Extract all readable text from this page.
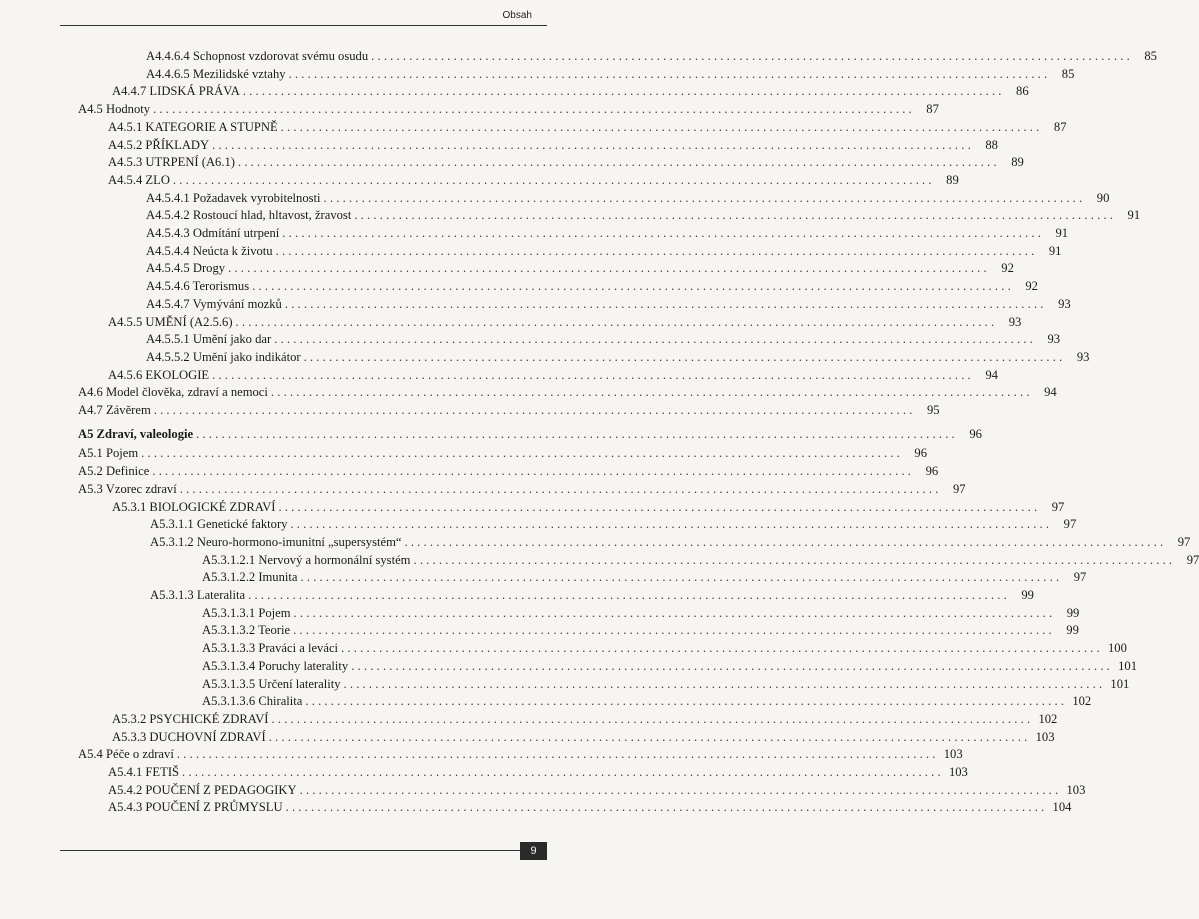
Obsah
A4.4.6.4 Schopnost vzdorovat svému osudu ........................................................................................................................ 85
A4.4.6.5 Mezilidské vztahy ........................................................................................................................ 85
A4.4.7 LIDSKÁ PRÁVA ........................................................................................................................ 86
A4.5 Hodnoty ........................................................................................................................ 87
A4.5.1 KATEGORIE A STUPNĚ ........................................................................................................................ 87
A4.5.2 PŘÍKLADY ........................................................................................................................ 88
A4.5.3 UTRPENÍ (A6.1) ........................................................................................................................ 89
A4.5.4 ZLO ........................................................................................................................ 89
A4.5.4.1 Požadavek vyrobitelnosti ........................................................................................................................ 90
A4.5.4.2 Rostoucí hlad, hltavost, žravost ........................................................................................................................ 91
A4.5.4.3 Odmítání utrpení ........................................................................................................................ 91
A4.5.4.4 Neúcta k životu ........................................................................................................................ 91
A4.5.4.5 Drogy ........................................................................................................................ 92
A4.5.4.6 Terorismus ........................................................................................................................ 92
A4.5.4.7 Vymývání mozků ........................................................................................................................ 93
A4.5.5 UMĚNÍ (A2.5.6) ........................................................................................................................ 93
A4.5.5.1 Umění jako dar ........................................................................................................................ 93
A4.5.5.2 Umění jako indikátor ........................................................................................................................ 93
A4.5.6 EKOLOGIE ........................................................................................................................ 94
A4.6 Model člověka, zdraví a nemoci ........................................................................................................................ 94
A4.7 Závěrem ........................................................................................................................ 95
A5 Zdraví, valeologie ........................................................................................................................ 96
A5.1 Pojem ........................................................................................................................ 96
A5.2 Definice ........................................................................................................................ 96
A5.3 Vzorec zdraví ........................................................................................................................ 97
A5.3.1 BIOLOGICKÉ ZDRAVÍ ........................................................................................................................ 97
A5.3.1.1 Genetické faktory ........................................................................................................................ 97
A5.3.1.2 Neuro-hormono-imunitní „supersystém“ ........................................................................................................................ 97
A5.3.1.2.1 Nervový a hormonální systém ........................................................................................................................ 97
A5.3.1.2.2 Imunita ........................................................................................................................ 97
A5.3.1.3 Lateralita ........................................................................................................................ 99
A5.3.1.3.1 Pojem ........................................................................................................................ 99
A5.3.1.3.2 Teorie ........................................................................................................................ 99
A5.3.1.3.3 Praváci a leváci ........................................................................................................................ 100
A5.3.1.3.4 Poruchy laterality ........................................................................................................................ 101
A5.3.1.3.5 Určení laterality ........................................................................................................................ 101
A5.3.1.3.6 Chiralita ........................................................................................................................ 102
A5.3.2 PSYCHICKÉ ZDRAVÍ ........................................................................................................................ 102
A5.3.3 DUCHOVNÍ ZDRAVÍ ........................................................................................................................ 103
A5.4 Péče o zdraví ........................................................................................................................ 103
A5.4.1 FETIŠ ........................................................................................................................ 103
A5.4.2 POUČENÍ Z PEDAGOGIKY ........................................................................................................................ 103
A5.4.3 POUČENÍ Z PRŮMYSLU ........................................................................................................................ 104
9
